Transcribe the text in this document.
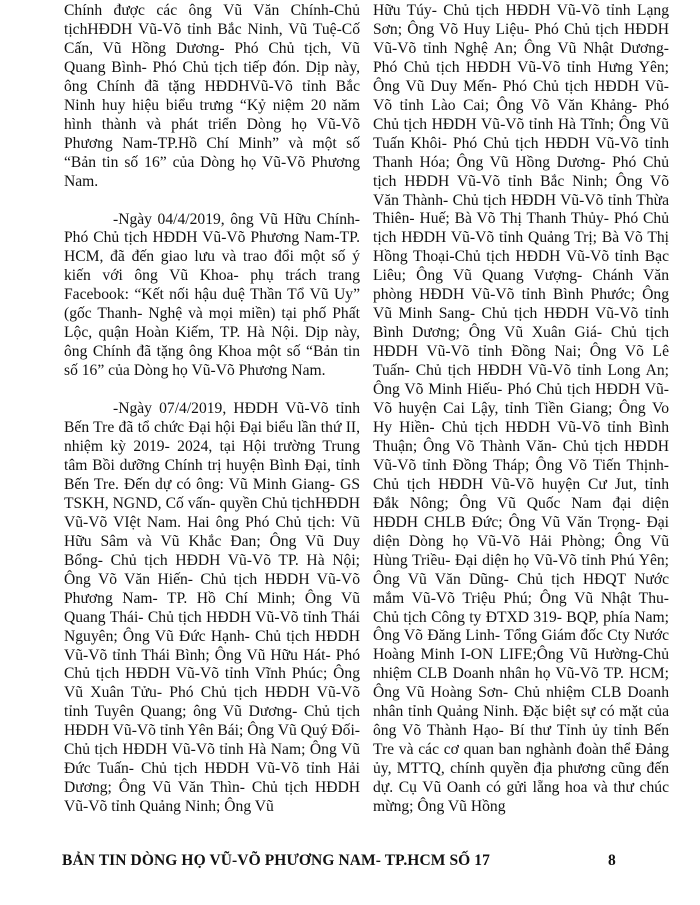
Chính được các ông Vũ Văn Chính-Chủ tịchHĐDH Vũ-Võ tỉnh Bắc Ninh, Vũ Tuệ-Cố Cấn, Vũ Hồng Dương- Phó Chủ tịch, Vũ Quang Bình- Phó Chủ tịch tiếp đón. Dịp này, ông Chính đã tặng HĐDHVũ-Võ tỉnh Bắc Ninh huy hiệu biểu trưng “Kỷ niệm 20 năm hình thành và phát triển Dòng họ Vũ-Võ Phương Nam-TP.Hồ Chí Minh” và một số “Bản tin số 16” của Dòng họ Vũ-Võ Phương Nam.

-Ngày 04/4/2019, ông Vũ Hữu Chính-Phó Chủ tịch HĐDH Vũ-Võ Phương Nam-TP. HCM, đã đến giao lưu và trao đổi một số ý kiến với ông Vũ Khoa- phụ trách trang Facebook: “Kết nối hậu duệ Thần Tổ Vũ Uy” (gốc Thanh- Nghệ và mọi miền) tại phố Phất Lộc, quận Hoàn Kiếm, TP. Hà Nội. Dịp này, ông Chính đã tặng ông Khoa một số “Bản tin số 16” của Dòng họ Vũ-Võ Phương Nam.

-Ngày 07/4/2019, HĐDH Vũ-Võ tỉnh Bến Tre đã tổ chức Đại hội Đại biểu lần thứ II, nhiệm kỳ 2019- 2024, tại Hội trường Trung tâm Bồi dưỡng Chính trị huyện Bình Đại, tỉnh Bến Tre. Đến dự có ông: Vũ Minh Giang- GS TSKH, NGND, Cố vấn- quyền Chủ tịchHĐDH Vũ-Võ VIệt Nam. Hai ông Phó Chủ tịch: Vũ Hữu Sâm và Vũ Khắc Đan; Ông Vũ Duy Bổng- Chủ tịch HĐDH Vũ-Võ TP. Hà Nội; Ông Võ Văn Hiến- Chủ tịch HĐDH Vũ-Võ Phương Nam- TP. Hồ Chí Minh; Ông Vũ Quang Thái- Chủ tịch HĐDH Vũ-Võ tỉnh Thái Nguyên; Ông Vũ Đức Hạnh- Chủ tịch HĐDH Vũ-Võ tỉnh Thái Bình; Ông Vũ Hữu Hát- Phó Chủ tịch HĐDH Vũ-Võ tỉnh Vĩnh Phúc; Ông Vũ Xuân Tửu- Phó Chủ tịch HĐDH Vũ-Võ tỉnh Tuyên Quang; ông Vũ Dương- Chủ tịch HĐDH Vũ-Võ tỉnh Yên Bái; Ông Vũ Quý Đối- Chủ tịch HĐDH Vũ-Võ tỉnh Hà Nam; Ông Vũ Đức Tuấn- Chủ tịch HĐDH Vũ-Võ tỉnh Hải Dương; Ông Vũ Văn Thìn- Chủ tịch HĐDH Vũ-Võ tỉnh Quảng Ninh; Ông Vũ

Hữu Túy- Chủ tịch HĐDH Vũ-Võ tỉnh Lạng Sơn; Ông Võ Huy Liệu- Phó Chủ tịch HĐDH Vũ-Võ tỉnh Nghệ An; Ông Vũ Nhật Dương- Phó Chủ tịch HĐDH Vũ-Võ tỉnh Hưng Yên; Ông Vũ Duy Mến- Phó Chủ tịch HĐDH Vũ-Võ tỉnh Lào Cai; Ông Võ Văn Khảng- Phó Chủ tịch HĐDH Vũ-Võ tỉnh Hà Tĩnh; Ông Vũ Tuấn Khôi- Phó Chủ tịch HĐDH Vũ-Võ tỉnh Thanh Hóa; Ông Vũ Hồng Dương- Phó Chủ tịch HĐDH Vũ-Võ tỉnh Bắc Ninh; Ông Võ Văn Thành- Chủ tịch HĐDH Vũ-Võ tỉnh Thừa Thiên- Huế; Bà Võ Thị Thanh Thủy- Phó Chủ tịch HĐDH Vũ-Võ tỉnh Quảng Trị; Bà Võ Thị Hồng Thoại-Chủ tịch HĐDH Vũ-Võ tỉnh Bạc Liêu; Ông Vũ Quang Vượng- Chánh Văn phòng HĐDH Vũ-Võ tỉnh Bình Phước; Ông Vũ Minh Sang- Chủ tịch HĐDH Vũ-Võ tỉnh Bình Dương; Ông Vũ Xuân Giá- Chủ tịch HĐDH Vũ-Võ tỉnh Đồng Nai; Ông Võ Lê Tuấn- Chủ tịch HĐDH Vũ-Võ tỉnh Long An; Ông Võ Minh Hiếu- Phó Chủ tịch HĐDH Vũ-Võ huyện Cai Lậy, tỉnh Tiền Giang; Ông Vo Hy Hiền- Chủ tịch HĐDH Vũ-Võ tỉnh Bình Thuận; Ông Võ Thành Văn- Chủ tịch HĐDH Vũ-Võ tỉnh Đồng Tháp; Ông Võ Tiến Thịnh- Chủ tịch HĐDH Vũ-Võ huyện Cư Jut, tỉnh Đắk Nông; Ông Vũ Quốc Nam đại diện HĐDH CHLB Đức; Ông Vũ Văn Trọng- Đại diện Dòng họ Vũ-Võ Hải Phòng; Ông Vũ Hùng Triều- Đại diện họ Vũ-Võ tỉnh Phú Yên; Ông Vũ Văn Dũng- Chủ tịch HĐQT Nước mắm Vũ-Võ Triệu Phú; Ông Vũ Nhật Thu- Chủ tịch Công ty ĐTXD 319- BQP, phía Nam; Ông Võ Đăng Linh- Tổng Giám đốc Cty Nước Hoàng Minh I-ON LIFE;Ông Vũ Hường-Chủ nhiệm CLB Doanh nhân họ Vũ-Võ TP. HCM; Ông Vũ Hoàng Sơn- Chủ nhiệm CLB Doanh nhân tỉnh Quảng Ninh. Đặc biệt sự có mặt của ông Võ Thành Hạo- Bí thư Tỉnh ủy tỉnh Bến Tre và các cơ quan ban nghành đoàn thể Đảng ủy, MTTQ, chính quyền địa phương cũng đến dự. Cụ Vũ Oanh có gửi lẵng hoa và thư chúc mừng; Ông Vũ Hồng

BẢN TIN DÒNG HỌ VŨ-VÕ PHƯƠNG NAM- TP.HCM SỐ 17	8
